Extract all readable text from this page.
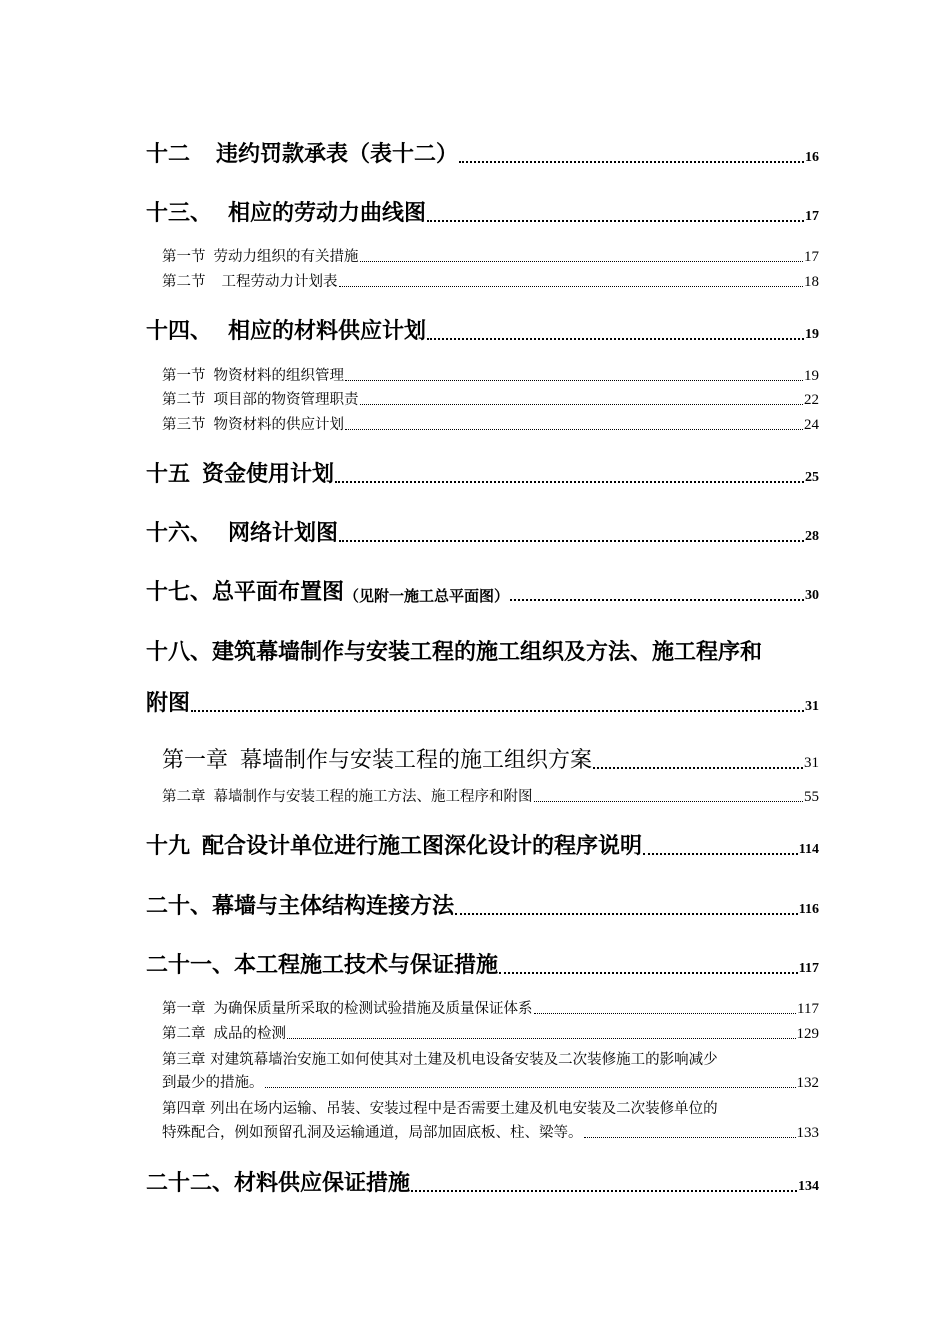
十二 违约罚款承表（表十二）	16
十三、 相应的劳动力曲线图	17
第一节 劳动力组织的有关措施	17
第二节 工程劳动力计划表	18
十四、 相应的材料供应计划	19
第一节 物资材料的组织管理	19
第二节 项目部的物资管理职责	22
第三节 物资材料的供应计划	24
十五 资金使用计划	25
十六、 网络计划图	28
十七、总平面布置图 （见附一施工总平面图）	30
十八、建筑幕墙制作与安装工程的施工组织及方法、施工程序和
附图	31
第一章 幕墙制作与安装工程的施工组织方案	31
第二章 幕墙制作与安装工程的施工方法、施工程序和附图	55
十九 配合设计单位进行施工图深化设计的程序说明	114
二十、幕墙与主体结构连接方法	116
二十一、本工程施工技术与保证措施	117
第一章 为确保质量所采取的检测试验措施及质量保证体系	117
第二章 成品的检测	129
第三章 对建筑幕墙治安施工如何使其对土建及机电设备安装及二次装修施工的影响减少
到最少的措施。	132
第四章 列出在场内运输、吊装、安装过程中是否需要土建及机电安装及二次装修单位的
特殊配合，例如预留孔洞及运输通道，局部加固底板、柱、梁等。	133
二十二、材料供应保证措施	134
